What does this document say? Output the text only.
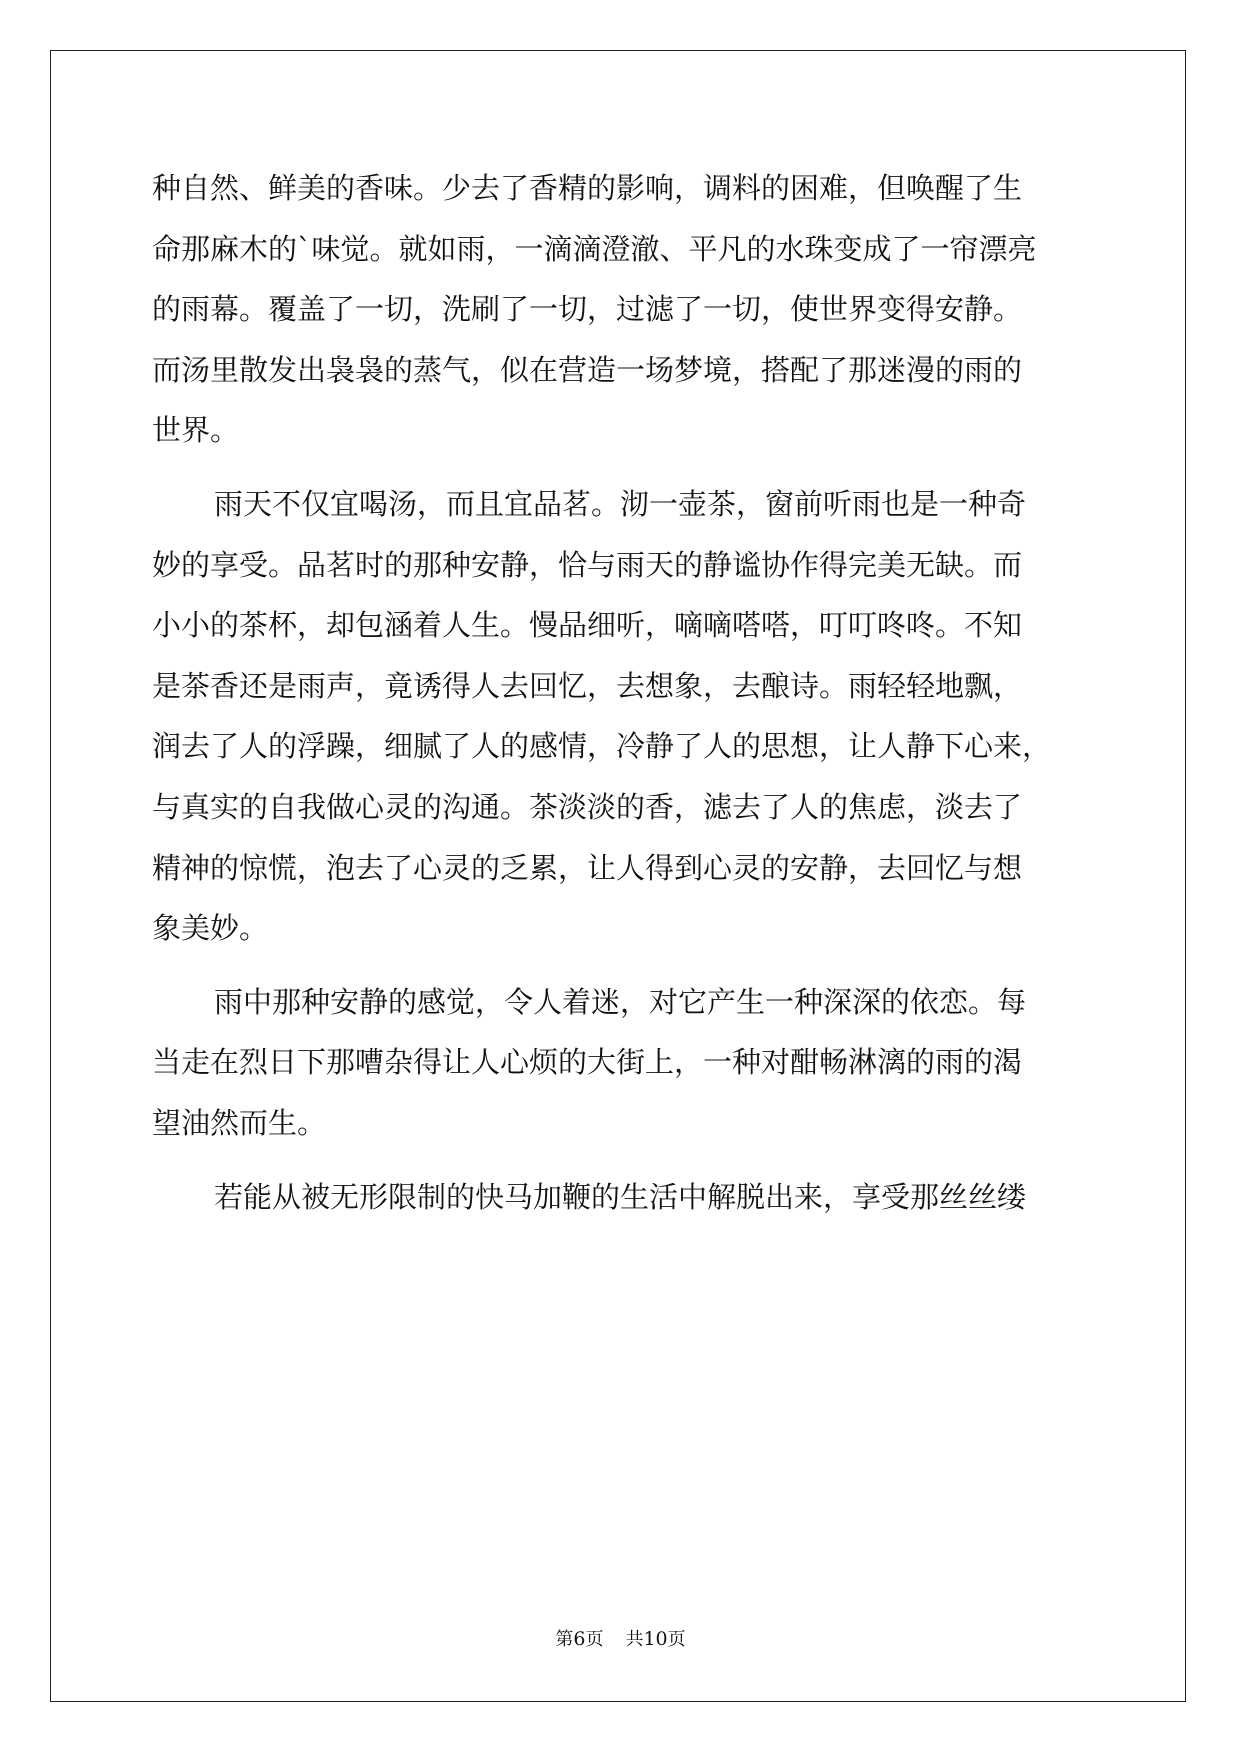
种自然、鲜美的香味。少去了香精的影响，调料的困难，但唤醒了生
命那麻木的`味觉。就如雨，一滴滴澄澈、平凡的水珠变成了一帘漂亮
的雨幕。覆盖了一切，洗刷了一切，过滤了一切，使世界变得安静。
而汤里散发出袅袅的蒸气，似在营造一场梦境，搭配了那迷漫的雨的
世界。
雨天不仅宜喝汤，而且宜品茗。沏一壶茶，窗前听雨也是一种奇
妙的享受。品茗时的那种安静，恰与雨天的静谧协作得完美无缺。而
小小的茶杯，却包涵着人生。慢品细听，嘀嘀嗒嗒，叮叮咚咚。不知
是茶香还是雨声，竟诱得人去回忆，去想象，去酿诗。雨轻轻地飘，
润去了人的浮躁，细腻了人的感情，冷静了人的思想，让人静下心来，
与真实的自我做心灵的沟通。茶淡淡的香，滤去了人的焦虑，淡去了
精神的惊慌，泡去了心灵的乏累，让人得到心灵的安静，去回忆与想
象美妙。
雨中那种安静的感觉，令人着迷，对它产生一种深深的依恋。每
当走在烈日下那嘈杂得让人心烦的大街上，一种对酣畅淋漓的雨的渴
望油然而生。
若能从被无形限制的快马加鞭的生活中解脱出来，享受那丝丝缕
第6页 共10页
